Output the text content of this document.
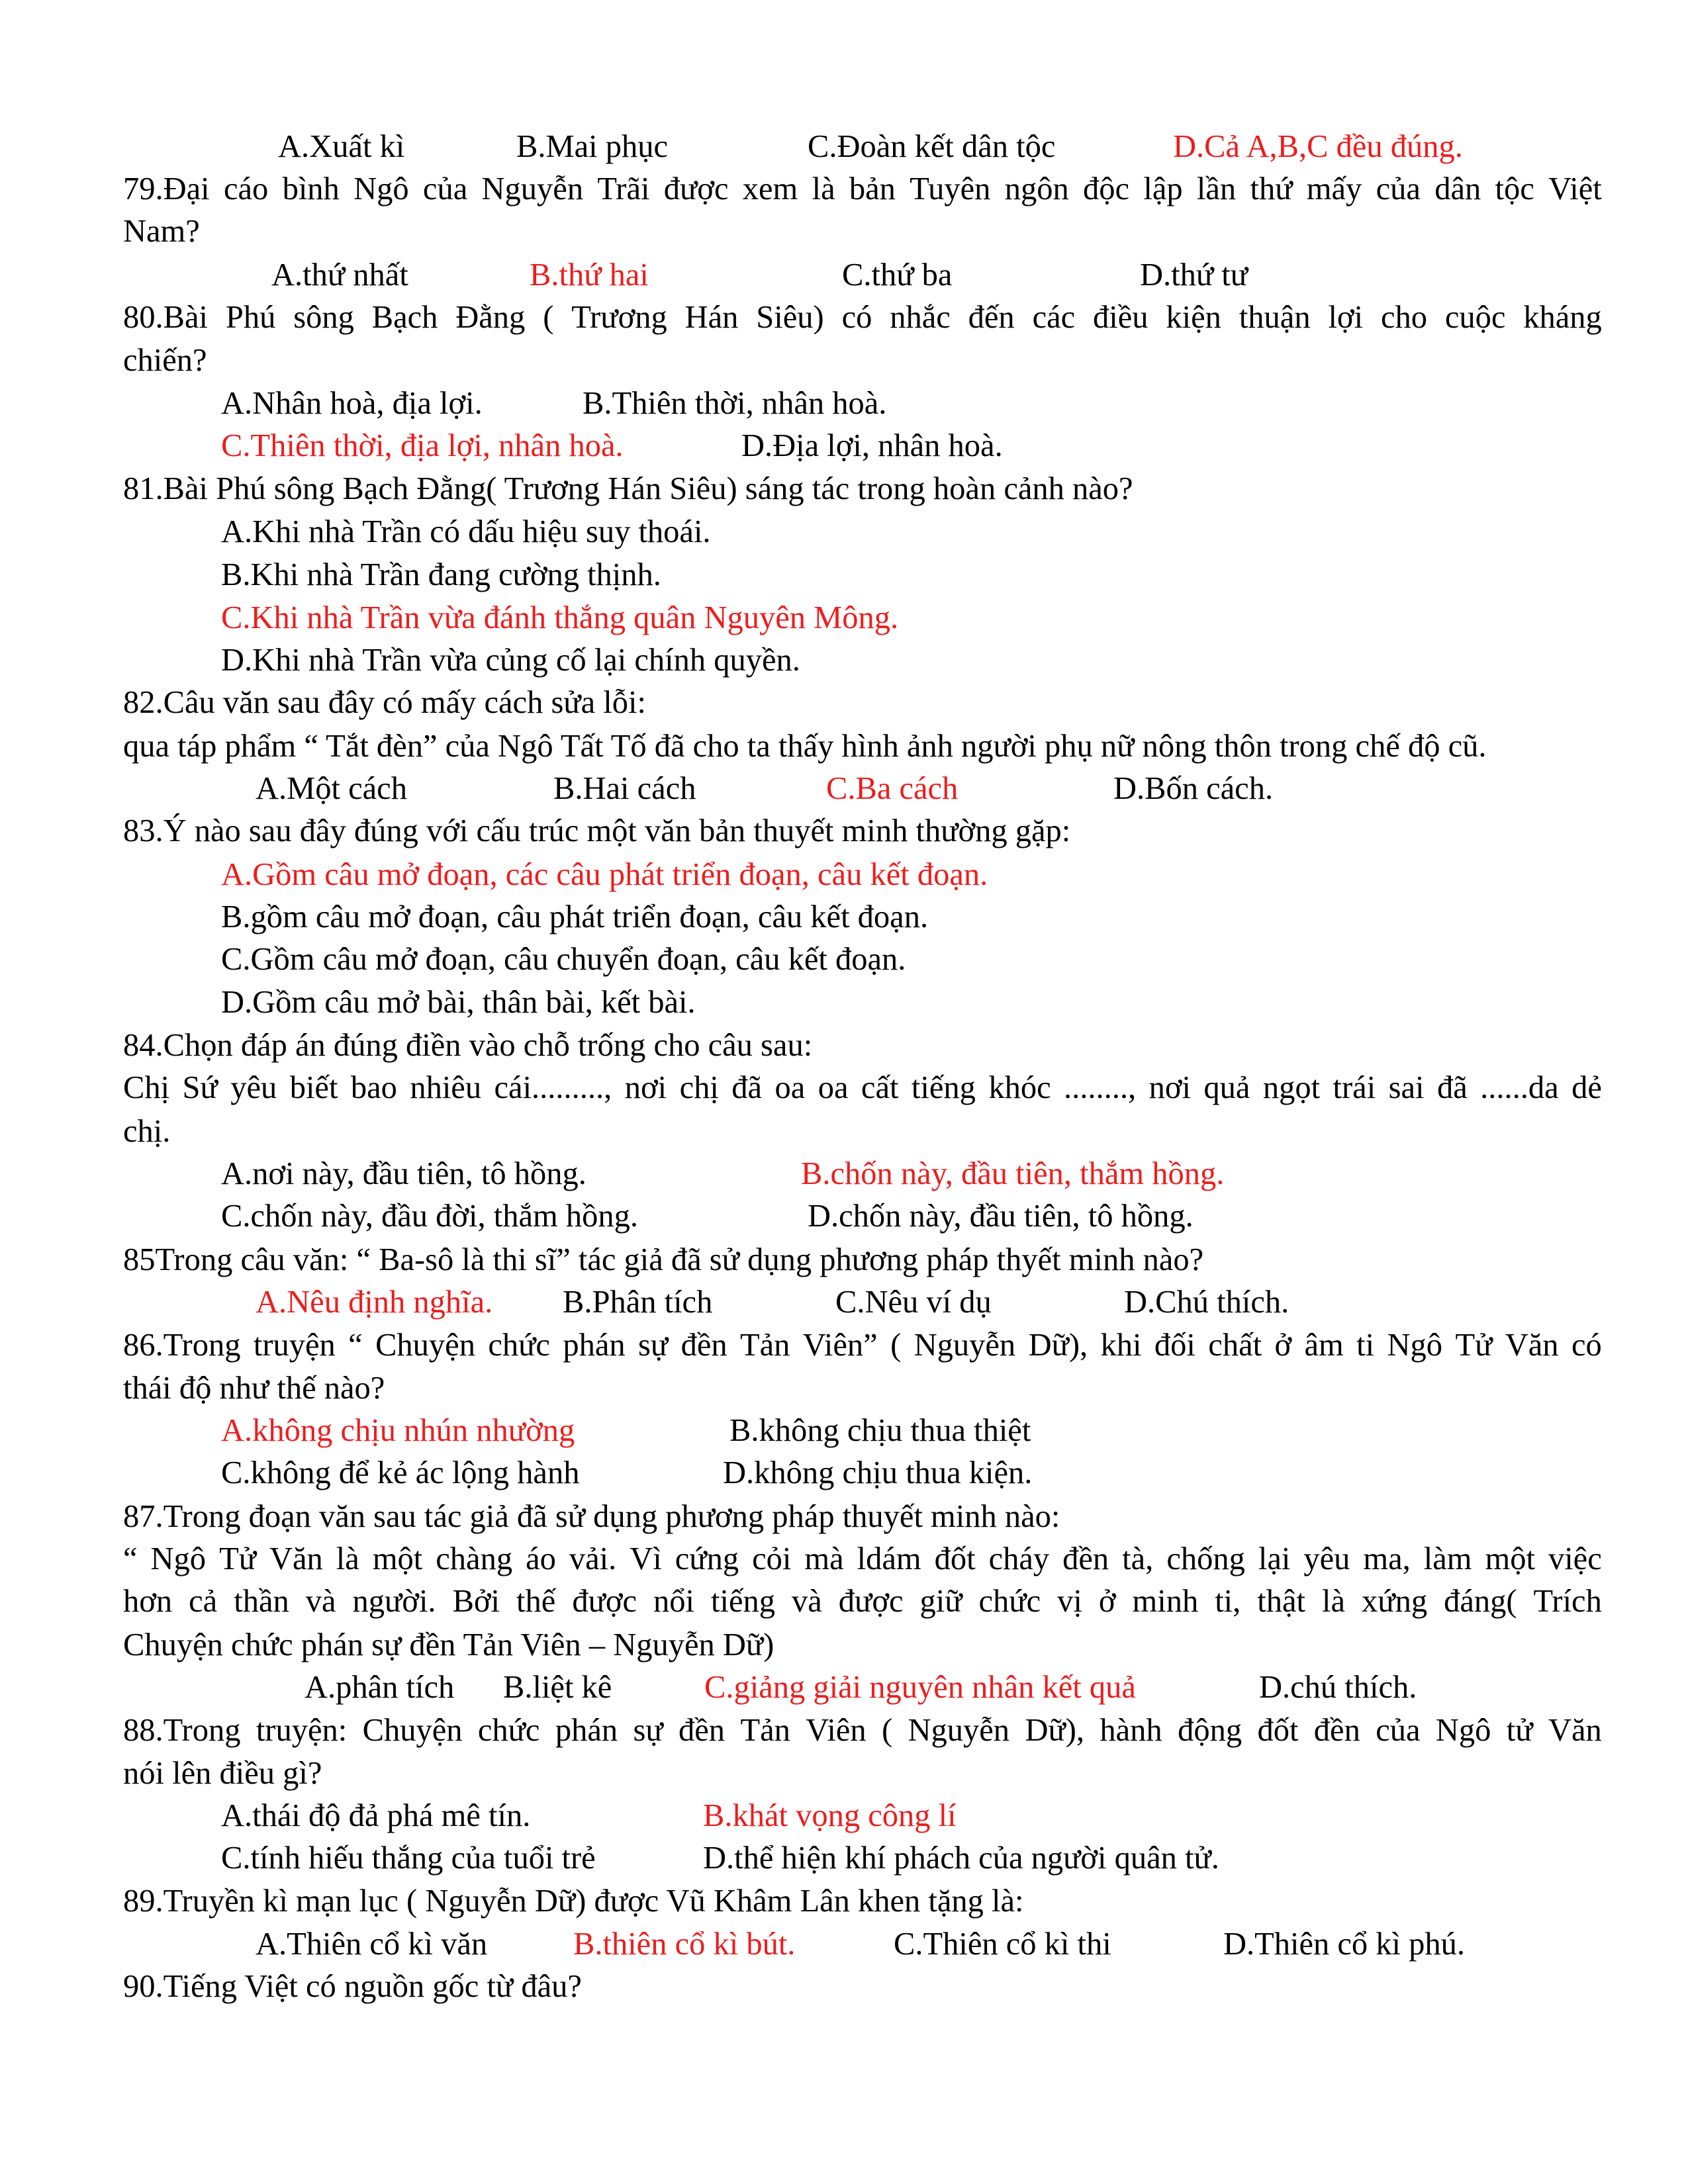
A.Xuất kì	B.Mai phục	C.Đoàn kết dân tộc	D.Cả A,B,C đều đúng.
79.Đại cáo bình Ngô của Nguyễn Trãi được xem là bản Tuyên ngôn độc lập lần thứ mấy của dân tộc Việt
Nam?
A.thứ nhất	B.thứ hai	C.thứ ba	D.thứ tư
80.Bài Phú sông Bạch Đằng ( Trương Hán Siêu) có nhắc đến các điều kiện thuận lợi cho cuộc kháng
chiến?
A.Nhân hoà, địa lợi.	B.Thiên thời, nhân hoà.
C.Thiên thời, địa lợi, nhân hoà.	D.Địa lợi, nhân hoà.
81.Bài Phú sông Bạch Đằng( Trương Hán Siêu) sáng tác trong hoàn cảnh nào?
A.Khi nhà Trần có dấu hiệu suy thoái.
B.Khi nhà Trần đang cường thịnh.
C.Khi nhà Trần vừa đánh thắng quân Nguyên Mông.
D.Khi nhà Trần vừa củng cố lại chính quyền.
82.Câu văn sau đây có mấy cách sửa lỗi:
qua táp phẩm “ Tắt đèn” của Ngô Tất Tố đã cho ta thấy hình ảnh người phụ nữ nông thôn trong chế độ cũ.
A.Một cách	B.Hai cách	C.Ba cách	D.Bốn cách.
83.Ý nào sau đây đúng với cấu trúc một văn bản thuyết minh thường gặp:
A.Gồm câu mở đoạn, các câu phát triển đoạn, câu kết đoạn.
B.gồm câu mở đoạn, câu phát triển đoạn, câu kết đoạn.
C.Gồm câu mở đoạn, câu chuyển đoạn, câu kết đoạn.
D.Gồm câu mở bài, thân bài, kết bài.
84.Chọn đáp án đúng điền vào chỗ trống cho câu sau:
Chị Sứ yêu biết bao nhiêu cái........., nơi chị đã oa oa cất tiếng khóc ........, nơi quả ngọt trái sai đã ......da dẻ
chị.
A.nơi này, đầu tiên, tô hồng.	B.chốn này, đầu tiên, thắm hồng.
C.chốn này, đầu đời, thắm hồng.	D.chốn này, đầu tiên, tô hồng.
85Trong câu văn: “ Ba-sô là thi sĩ” tác giả đã sử dụng phương pháp thyết minh nào?
A.Nêu định nghĩa. B.Phân tích	C.Nêu ví dụ	D.Chú thích.
86.Trong truyện “ Chuyện chức phán sự đền Tản Viên” ( Nguyễn Dữ), khi đối chất ở âm ti Ngô Tử Văn có
thái độ như thế nào?
A.không chịu nhún nhường	B.không chịu thua thiệt
C.không để kẻ ác lộng hành	D.không chịu thua kiện.
87.Trong đoạn văn sau tác giả đã sử dụng phương pháp thuyết minh nào:
“ Ngô Tử Văn là một chàng áo vải. Vì cứng cỏi mà ldám đốt cháy đền tà, chống lại yêu ma, làm một việc
hơn cả thần và người. Bởi thế được nổi tiếng và được giữ chức vị ở minh ti, thật là xứng đáng( Trích
Chuyện chức phán sự đền Tản Viên – Nguyễn Dữ)
A.phân tích B.liệt kê	C.giảng giải nguyên nhân kết quả	D.chú thích.
88.Trong truyện: Chuyện chức phán sự đền Tản Viên ( Nguyễn Dữ), hành động đốt đền của Ngô tử Văn
nói lên điều gì?
A.thái độ đả phá mê tín.	B.khát vọng công lí
C.tính hiếu thắng của tuổi trẻ	D.thể hiện khí phách của người quân tử.
89.Truyền kì mạn lục ( Nguyễn Dữ) được Vũ Khâm Lân khen tặng là:
A.Thiên cổ kì văn	B.thiên cổ kì bút.	C.Thiên cổ kì thi	D.Thiên cổ kì phú.
90.Tiếng Việt có nguồn gốc từ đâu?
